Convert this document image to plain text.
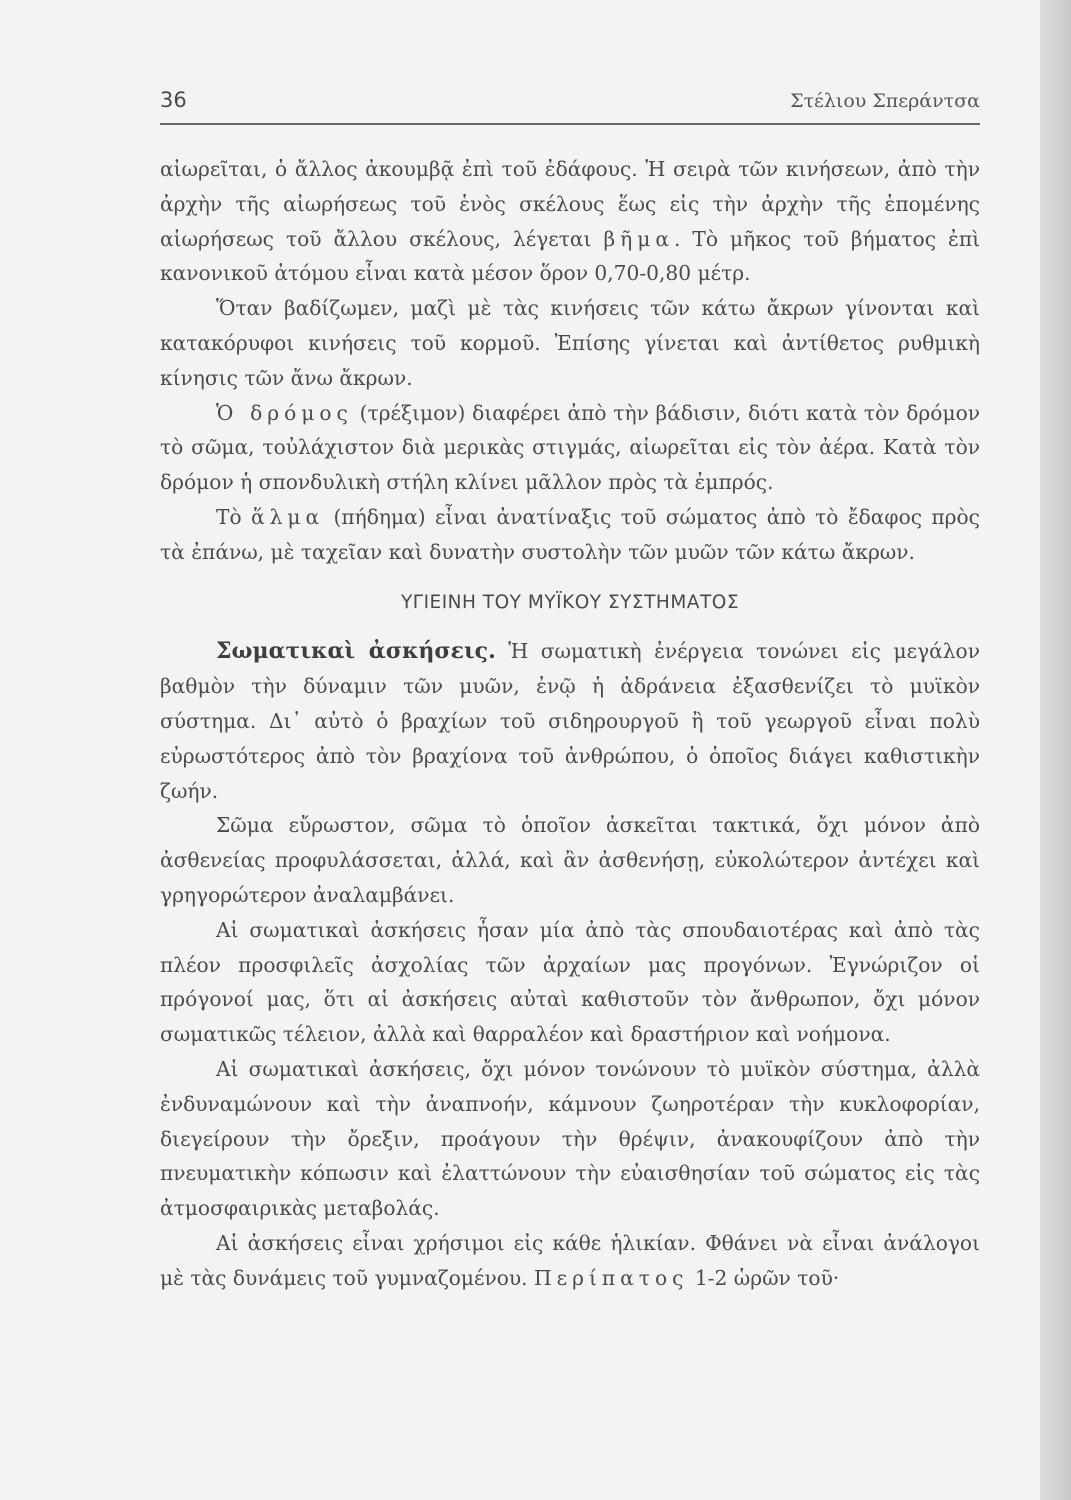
36	Στέλιου Σπεράντσα

αἰωρεῖται, ὁ ἄλλος ἀκουμβᾷ ἐπὶ τοῦ ἐδάφους. Ἡ σειρὰ τῶν κινήσεων, ἀπὸ τὴν ἀρχὴν τῆς αἰωρήσεως τοῦ ἑνὸς σκέλους ἕως εἰς τὴν ἀρχὴν τῆς ἑπομένης αἰωρήσεως τοῦ ἄλλου σκέλους, λέγεται βῆμα. Τὸ μῆκος τοῦ βήματος ἐπὶ κανονικοῦ ἀτόμου εἶναι κατὰ μέσον ὅρον 0,70-0,80 μέτρ.

Ὅταν βαδίζωμεν, μαζὶ μὲ τὰς κινήσεις τῶν κάτω ἄκρων γίνονται καὶ κατακόρυφοι κινήσεις τοῦ κορμοῦ. Ἐπίσης γίνεται καὶ ἀντίθετος ρυθμικὴ κίνησις τῶν ἄνω ἄκρων.

Ὁ δρόμος (τρέξιμον) διαφέρει ἀπὸ τὴν βάδισιν, διότι κατὰ τὸν δρόμον τὸ σῶμα, τοὐλάχιστον διὰ μερικὰς στιγμάς, αἰωρεῖται εἰς τὸν ἀέρα. Κατὰ τὸν δρόμον ἡ σπονδυλικὴ στήλη κλίνει μᾶλλον πρὸς τὰ ἐμπρός.

Τὸ ἅλμα (πήδημα) εἶναι ἀνατίναξις τοῦ σώματος ἀπὸ τὸ ἔδαφος πρὸς τὰ ἐπάνω, μὲ ταχεῖαν καὶ δυνατὴν συστολὴν τῶν μυῶν τῶν κάτω ἄκρων.

ΥΓΙΕΙΝΗ ΤΟΥ ΜΥΪΚΟΥ ΣΥΣΤΗΜΑΤΟΣ

Σωματικαὶ ἀσκήσεις. Ἡ σωματικὴ ἐνέργεια τονώνει εἰς μεγάλον βαθμὸν τὴν δύναμιν τῶν μυῶν, ἐνῷ ἡ ἀδράνεια ἐξασθενίζει τὸ μυϊκὸν σύστημα. Δι᾽ αὐτὸ ὁ βραχίων τοῦ σιδηρουργοῦ ἢ τοῦ γεωργοῦ εἶναι πολὺ εὐρωστότερος ἀπὸ τὸν βραχίονα τοῦ ἀνθρώπου, ὁ ὁποῖος διάγει καθιστικὴν ζωήν.

Σῶμα εὔρωστον, σῶμα τὸ ὁποῖον ἀσκεῖται τακτικά, ὄχι μόνον ἀπὸ ἀσθενείας προφυλάσσεται, ἀλλά, καὶ ἂν ἀσθενήσῃ, εὐκολώτερον ἀντέχει καὶ γρηγορώτερον ἀναλαμβάνει.

Αἱ σωματικαὶ ἀσκήσεις ἦσαν μία ἀπὸ τὰς σπουδαιοτέρας καὶ ἀπὸ τὰς πλέον προσφιλεῖς ἀσχολίας τῶν ἀρχαίων μας προγόνων. Ἐγνώριζον οἱ πρόγονοί μας, ὅτι αἱ ἀσκήσεις αὐταὶ καθιστοῦν τὸν ἄνθρωπον, ὄχι μόνον σωματικῶς τέλειον, ἀλλὰ καὶ θαρραλέον καὶ δραστήριον καὶ νοήμονα.

Αἱ σωματικαὶ ἀσκήσεις, ὄχι μόνον τονώνουν τὸ μυϊκὸν σύστημα, ἀλλὰ ἐνδυναμώνουν καὶ τὴν ἀναπνοήν, κάμνουν ζωηροτέραν τὴν κυκλοφορίαν, διεγείρουν τὴν ὄρεξιν, προάγουν τὴν θρέψιν, ἀνακουφίζουν ἀπὸ τὴν πνευματικὴν κόπωσιν καὶ ἐλαττώνουν τὴν εὐαισθησίαν τοῦ σώματος εἰς τὰς ἀτμοσφαιρικὰς μεταβολάς.

Αἱ ἀσκήσεις εἶναι χρήσιμοι εἰς κάθε ἡλικίαν. Φθάνει νὰ εἶναι ἀνάλογοι μὲ τὰς δυνάμεις τοῦ γυμναζομένου. Περίπατος 1-2 ὡρῶν τοῦ·
